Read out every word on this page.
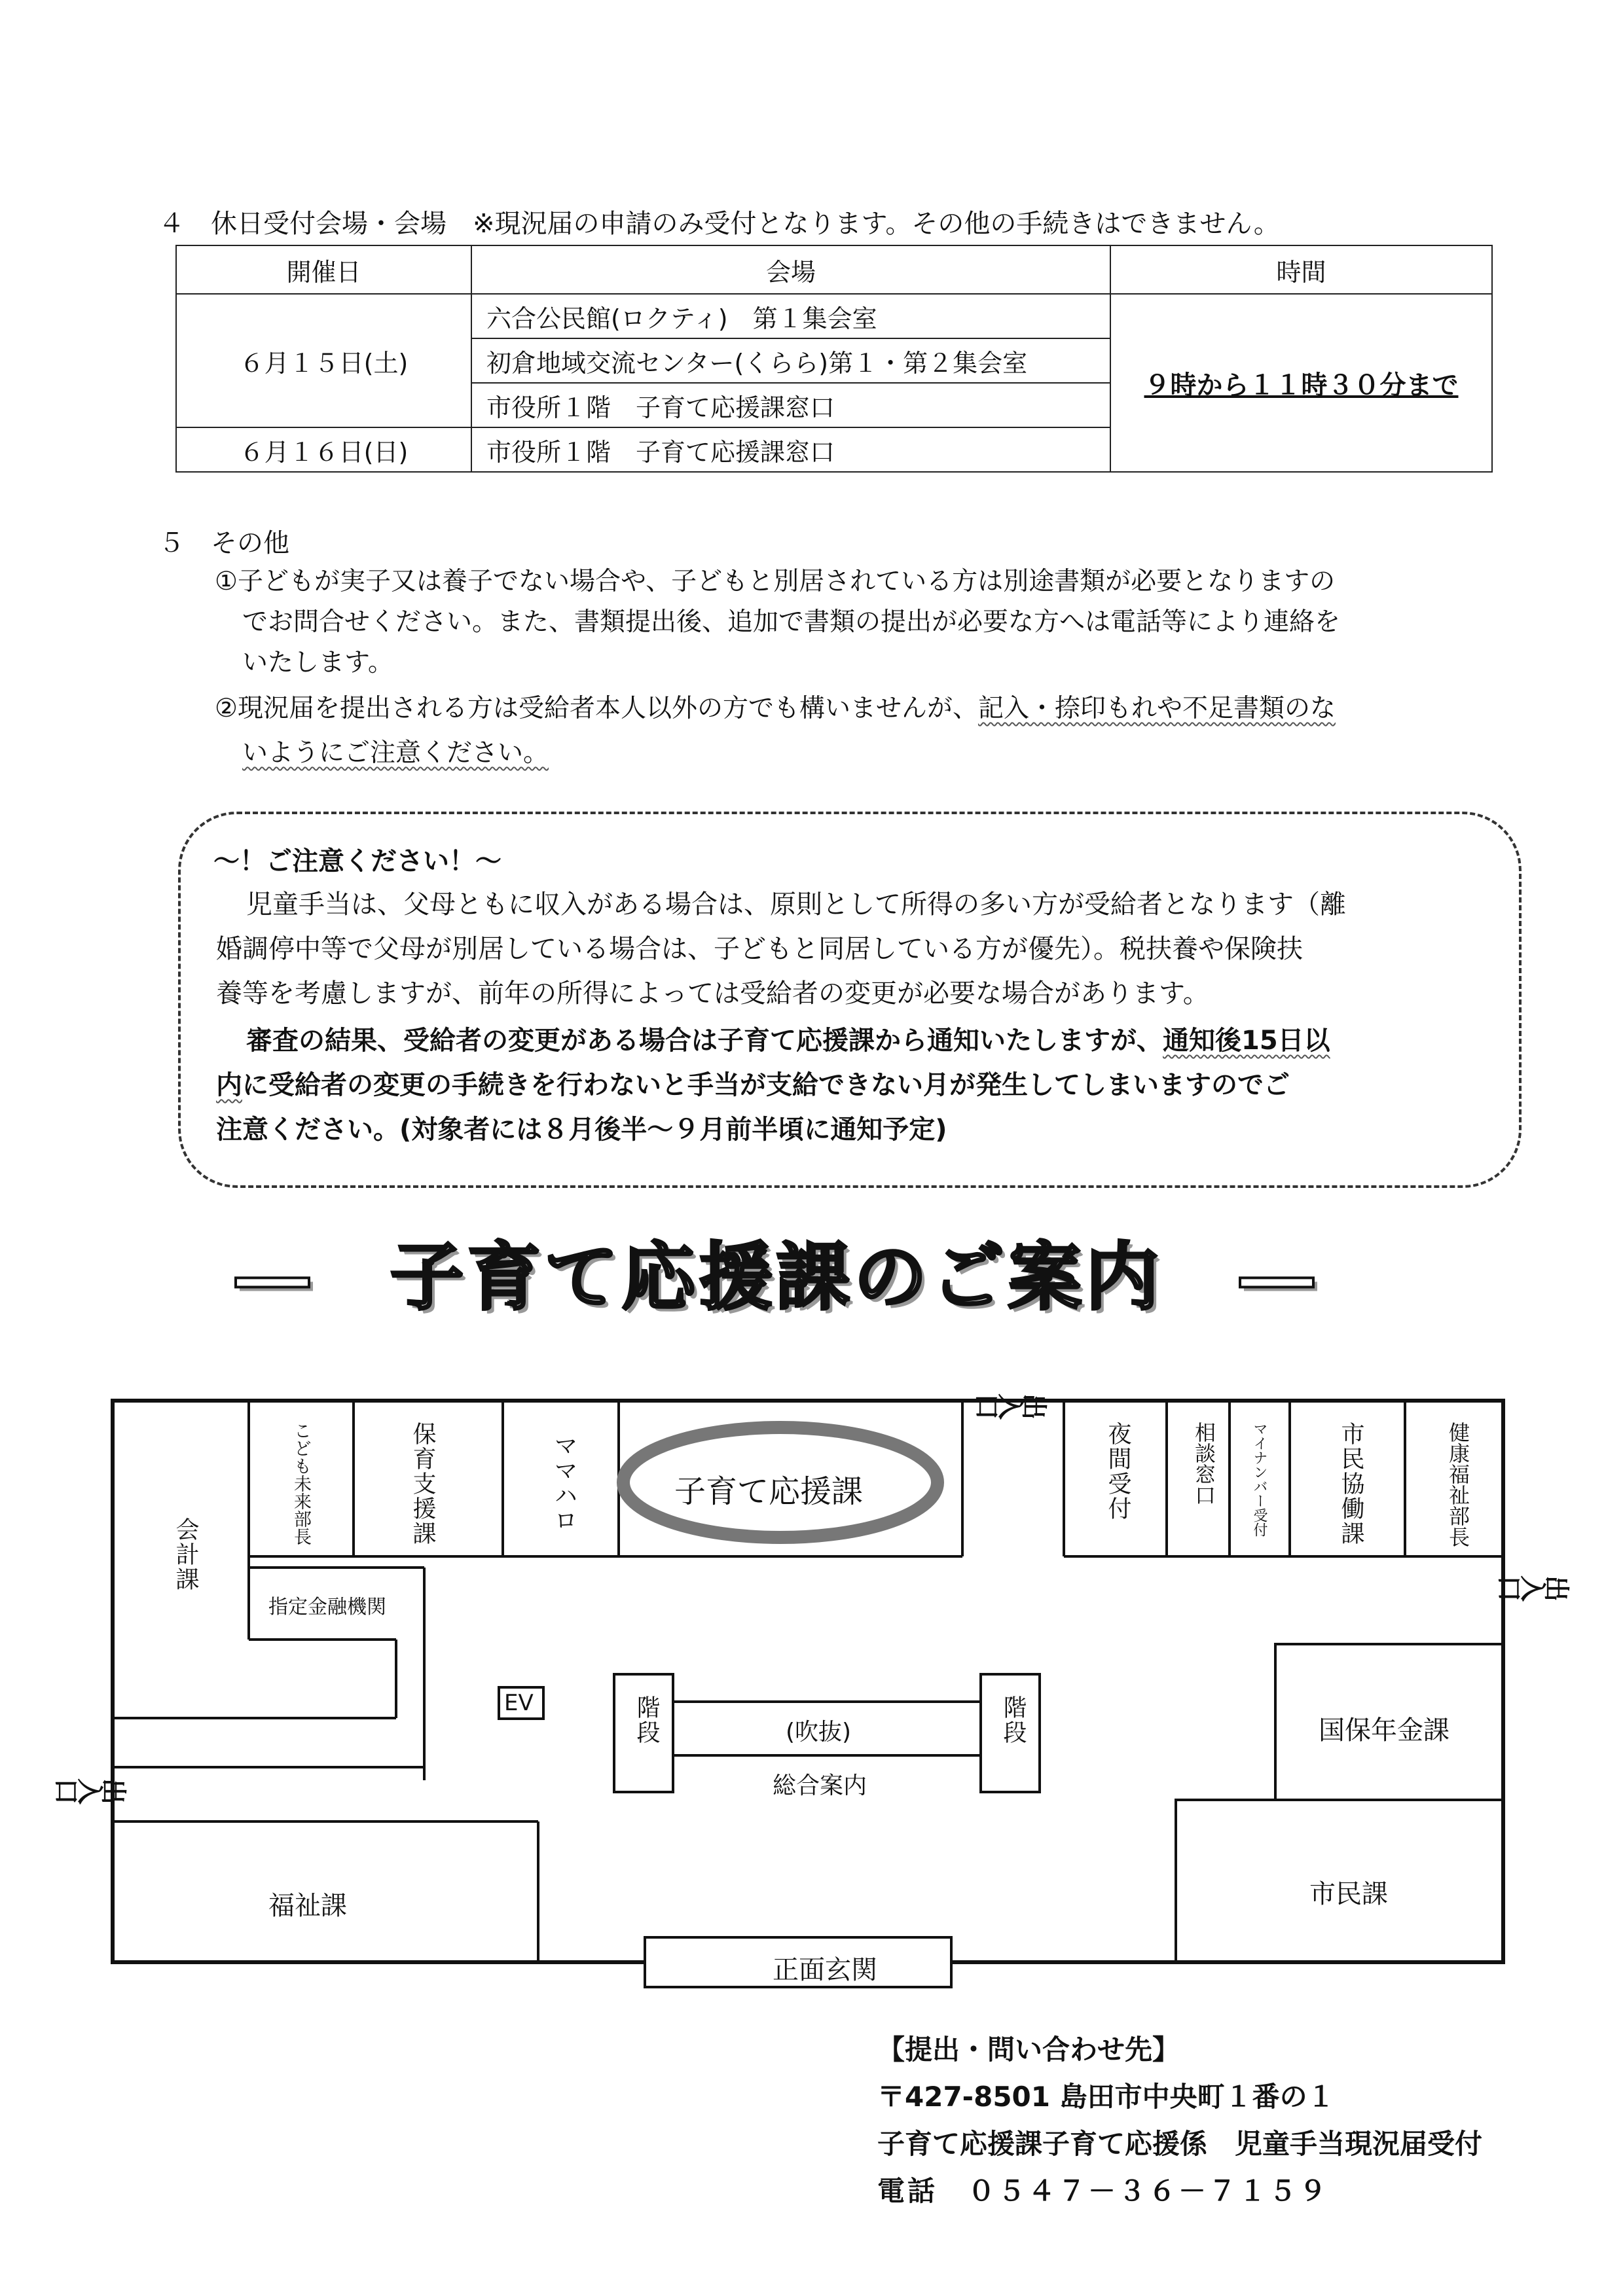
４　休日受付会場・会場　※現況届の申請のみ受付となります。その他の手続きはできません。
開催日	会場	時間
６月１５日(土)	六合公民館(ロクティ)　第１集会室	９時から１１時３０分まで
	初倉地域交流センター(くらら)第１・第２集会室	
	市役所１階　子育て応援課窓口	
６月１６日(日)	市役所１階　子育て応援課窓口	
５　その他
①子どもが実子又は養子でない場合や、子どもと別居されている方は別途書類が必要となりますの
でお問合せください。また、書類提出後、追加で書類の提出が必要な方へは電話等により連絡を
いたします。
②現況届を提出される方は受給者本人以外の方でも構いませんが、記入・捺印もれや不足書類のな
いようにご注意ください。
～！ご注意ください！～
児童手当は、父母ともに収入がある場合は、原則として所得の多い方が受給者となります（離
婚調停中等で父母が別居している場合は、子どもと同居している方が優先）。税扶養や保険扶
養等を考慮しますが、前年の所得によっては受給者の変更が必要な場合があります。
審査の結果、受給者の変更がある場合は子育て応援課から通知いたしますが、通知後15日以
内に受給者の変更の手続きを行わないと手当が支給できない月が発生してしまいますのでご
注意ください。(対象者には８月後半～９月前半頃に通知予定)
―　子育て応援課のご案内　―
会計課
こども未来部長	保育支援課	ママハロ	子育て応援課	夜間受付	相談窓口 マイナンバー受付	市民協働課	健康福祉部長
指定金融機関
EV	階段	階段
(吹抜)
総合案内
国保年金課
福祉課	市民課
正面玄関
出入口
出入口
出入口
【提出・問い合わせ先】
〒427-8501 島田市中央町１番の１
子育て応援課子育て応援係　児童手当現況届受付
電話　０５４７－３６－７１５９
